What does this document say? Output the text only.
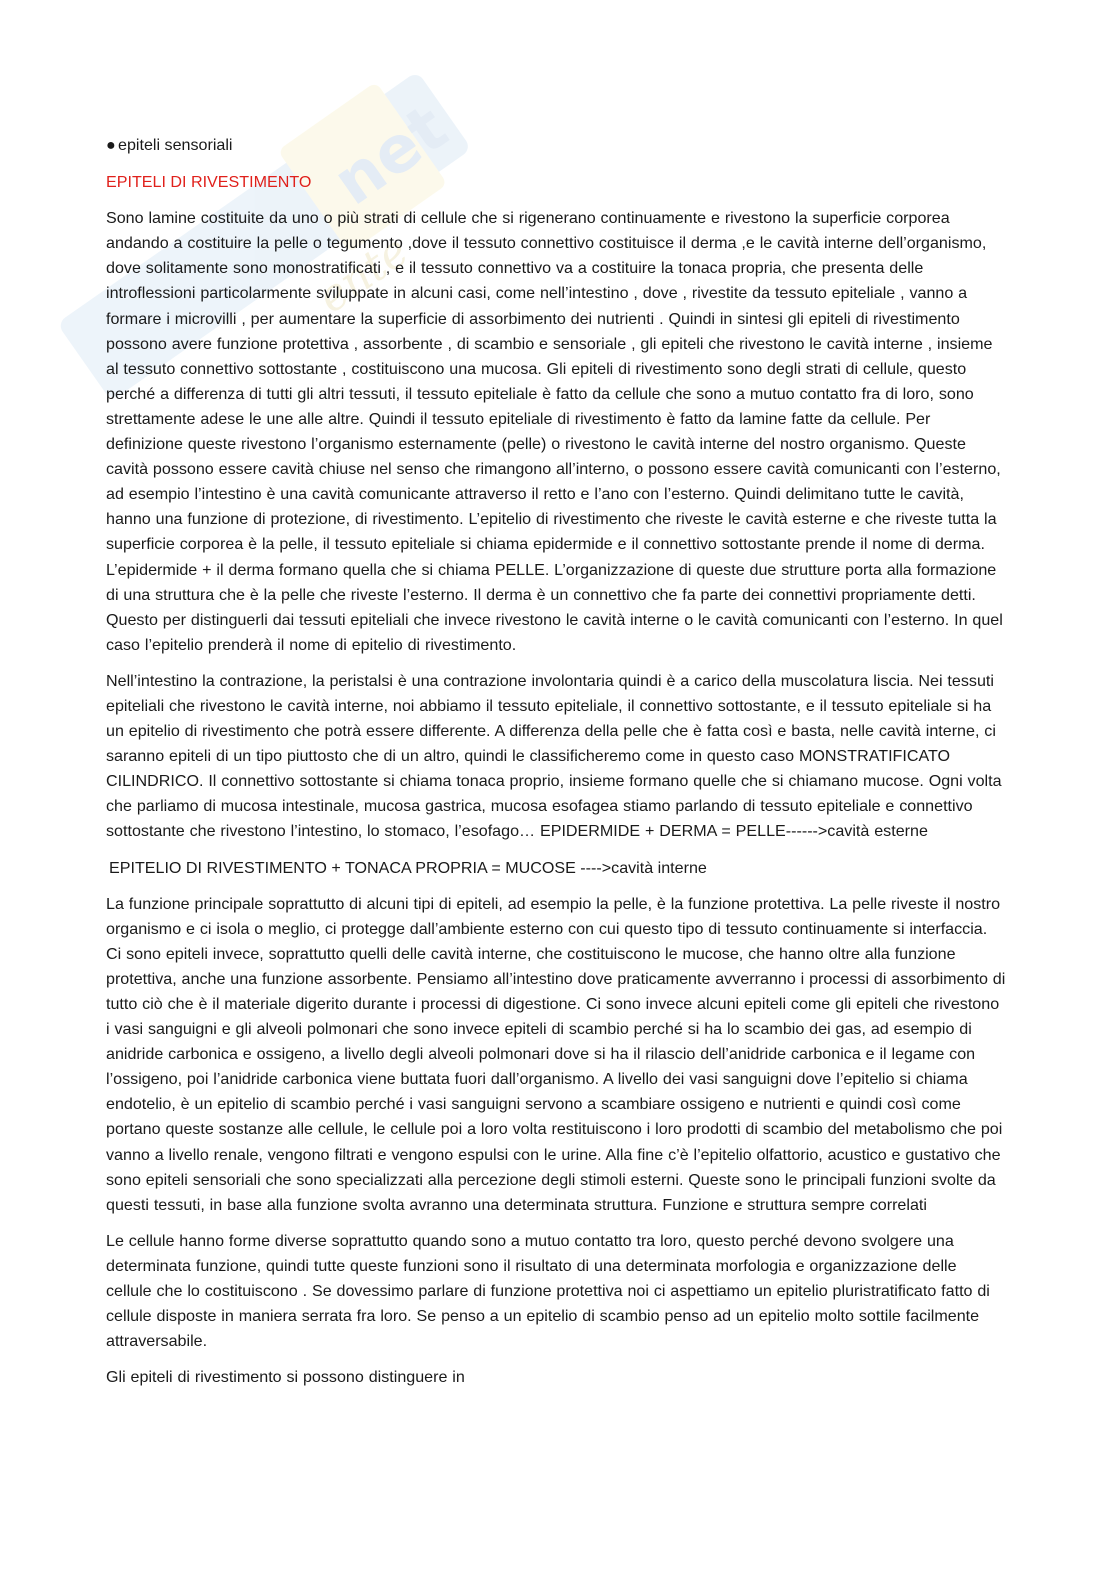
net
ente
● epiteli sensoriali
EPITELI DI RIVESTIMENTO

Sono lamine costituite da uno o più strati di cellule che si rigenerano continuamente e rivestono la superficie corporea andando a costituire la pelle o tegumento ,dove il tessuto connettivo costituisce il derma ,e le cavità interne dell’organismo, dove solitamente sono monostratificati , e il tessuto connettivo va a costituire la tonaca propria, che presenta delle introflessioni particolarmente sviluppate in alcuni casi, come nell’intestino , dove , rivestite da tessuto epiteliale , vanno a formare i microvilli , per aumentare la superficie di assorbimento dei nutrienti . Quindi in sintesi gli epiteli di rivestimento possono avere funzione protettiva , assorbente , di scambio e sensoriale , gli epiteli che rivestono le cavità interne , insieme al tessuto connettivo sottostante , costituiscono una mucosa. Gli epiteli di rivestimento sono degli strati di cellule, questo perché a differenza di tutti gli altri tessuti, il tessuto epiteliale è fatto da cellule che sono a mutuo contatto fra di loro, sono strettamente adese le une alle altre. Quindi il tessuto epiteliale di rivestimento è fatto da lamine fatte da cellule. Per definizione queste rivestono l’organismo esternamente (pelle) o rivestono le cavità interne del nostro organismo. Queste cavità possono essere cavità chiuse nel senso che rimangono all’interno, o possono essere cavità comunicanti con l’esterno, ad esempio l’intestino è una cavità comunicante attraverso il retto e l’ano con l’esterno. Quindi delimitano tutte le cavità, hanno una funzione di protezione, di rivestimento. L’epitelio di rivestimento che riveste le cavità esterne e che riveste tutta la superficie corporea è la pelle, il tessuto epiteliale si chiama epidermide e il connettivo sottostante prende il nome di derma. L’epidermide + il derma formano quella che si chiama PELLE. L’organizzazione di queste due strutture porta alla formazione di una struttura che è la pelle che riveste l’esterno. Il derma è un connettivo che fa parte dei connettivi propriamente detti. Questo per distinguerli dai tessuti epiteliali che invece rivestono le cavità interne o le cavità comunicanti con l’esterno. In quel caso l’epitelio prenderà il nome di epitelio di rivestimento.

Nell’intestino la contrazione, la peristalsi è una contrazione involontaria quindi è a carico della muscolatura liscia. Nei tessuti epiteliali che rivestono le cavità interne, noi abbiamo il tessuto epiteliale, il connettivo sottostante, e il tessuto epiteliale si ha un epitelio di rivestimento che potrà essere differente. A differenza della pelle che è fatta così e basta, nelle cavità interne, ci saranno epiteli di un tipo piuttosto che di un altro, quindi le classificheremo come in questo caso MONSTRATIFICATO CILINDRICO. Il connettivo sottostante si chiama tonaca proprio, insieme formano quelle che si chiamano mucose. Ogni volta che parliamo di mucosa intestinale, mucosa gastrica, mucosa esofagea stiamo parlando di tessuto epiteliale e connettivo sottostante che rivestono l’intestino, lo stomaco, l’esofago… EPIDERMIDE + DERMA = PELLE------>cavità esterne

EPITELIO DI RIVESTIMENTO + TONACA PROPRIA = MUCOSE ---->cavità interne

La funzione principale soprattutto di alcuni tipi di epiteli, ad esempio la pelle, è la funzione protettiva. La pelle riveste il nostro organismo e ci isola o meglio, ci protegge dall’ambiente esterno con cui questo tipo di tessuto continuamente si interfaccia. Ci sono epiteli invece, soprattutto quelli delle cavità interne, che costituiscono le mucose, che hanno oltre alla funzione protettiva, anche una funzione assorbente. Pensiamo all’intestino dove praticamente avverranno i processi di assorbimento di tutto ciò che è il materiale digerito durante i processi di digestione. Ci sono invece alcuni epiteli come gli epiteli che rivestono i vasi sanguigni e gli alveoli polmonari che sono invece epiteli di scambio perché si ha lo scambio dei gas, ad esempio di anidride carbonica e ossigeno, a livello degli alveoli polmonari dove si ha il rilascio dell’anidride carbonica e il legame con l’ossigeno, poi l’anidride carbonica viene buttata fuori dall’organismo. A livello dei vasi sanguigni dove l’epitelio si chiama endotelio, è un epitelio di scambio perché i vasi sanguigni servono a scambiare ossigeno e nutrienti e quindi così come portano queste sostanze alle cellule, le cellule poi a loro volta restituiscono i loro prodotti di scambio del metabolismo che poi vanno a livello renale, vengono filtrati e vengono espulsi con le urine. Alla fine c’è l’epitelio olfattorio, acustico e gustativo che sono epiteli sensoriali che sono specializzati alla percezione degli stimoli esterni. Queste sono le principali funzioni svolte da questi tessuti, in base alla funzione svolta avranno una determinata struttura. Funzione e struttura sempre correlati

Le cellule hanno forme diverse soprattutto quando sono a mutuo contatto tra loro, questo perché devono svolgere una determinata funzione, quindi tutte queste funzioni sono il risultato di una determinata morfologia e organizzazione delle cellule che lo costituiscono . Se dovessimo parlare di funzione protettiva noi ci aspettiamo un epitelio pluristratificato fatto di cellule disposte in maniera serrata fra loro. Se penso a un epitelio di scambio penso ad un epitelio molto sottile facilmente attraversabile.

Gli epiteli di rivestimento si possono distinguere in
